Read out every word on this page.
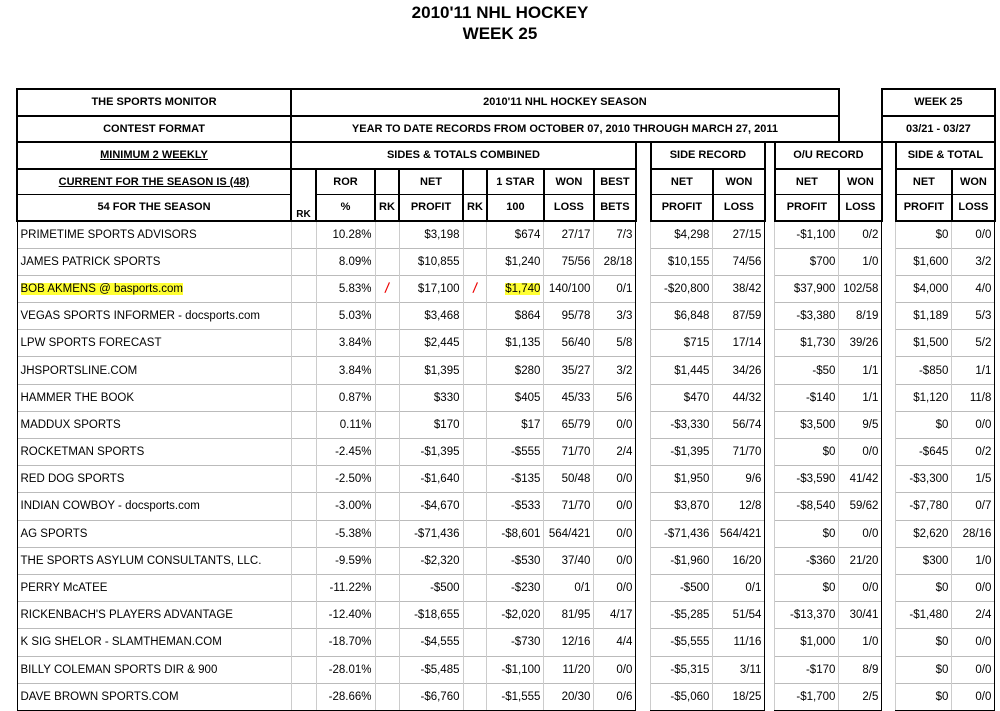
2010'11 NHL HOCKEY
WEEK 25
THE SPORTS MONITOR	2010'11 NHL HOCKEY SEASON														WEEK 25		
CONTEST FORMAT	YEAR TO DATE RECORDS FROM OCTOBER 07, 2010 THROUGH MARCH 27, 2011														03/21 - 03/27		
MINIMUM 2 WEEKLY	SIDES & TOTALS COMBINED									SIDE RECORD			O/U RECORD			SIDE & TOTAL	
CURRENT FOR THE SEASON IS (48)	RK	ROR		NET		1 STAR	WON	BEST		NET	WON		NET	WON		NET	WON
54 FOR THE SEASON		%	RK	PROFIT	RK	100	LOSS	BETS		PROFIT	LOSS		PROFIT	LOSS		PROFIT	LOSS
PRIMETIME SPORTS ADVISORS		10.28%		$3,198		$674	27/17	7/3		$4,298	27/15		-$1,100	0/2		$0	0/0
JAMES PATRICK SPORTS		8.09%		$10,855		$1,240	75/56	28/18		$10,155	74/56		$700	1/0		$1,600	3/2
BOB AKMENS @ basports.com		5.83%	/	$17,100	/	$1,740	140/100	0/1		-$20,800	38/42		$37,900	102/58		$4,000	4/0
VEGAS SPORTS INFORMER - docsports.com		5.03%		$3,468		$864	95/78	3/3		$6,848	87/59		-$3,380	8/19		$1,189	5/3
LPW SPORTS FORECAST		3.84%		$2,445		$1,135	56/40	5/8		$715	17/14		$1,730	39/26		$1,500	5/2
JHSPORTSLINE.COM		3.84%		$1,395		$280	35/27	3/2		$1,445	34/26		-$50	1/1		-$850	1/1
HAMMER THE BOOK		0.87%		$330		$405	45/33	5/6		$470	44/32		-$140	1/1		$1,120	11/8
MADDUX SPORTS		0.11%		$170		$17	65/79	0/0		-$3,330	56/74		$3,500	9/5		$0	0/0
ROCKETMAN SPORTS		-2.45%		-$1,395		-$555	71/70	2/4		-$1,395	71/70		$0	0/0		-$645	0/2
RED DOG SPORTS		-2.50%		-$1,640		-$135	50/48	0/0		$1,950	9/6		-$3,590	41/42		-$3,300	1/5
INDIAN COWBOY - docsports.com		-3.00%		-$4,670		-$533	71/70	0/0		$3,870	12/8		-$8,540	59/62		-$7,780	0/7
AG SPORTS		-5.38%		-$71,436		-$8,601	564/421	0/0		-$71,436	564/421		$0	0/0		$2,620	28/16
THE SPORTS ASYLUM CONSULTANTS, LLC.		-9.59%		-$2,320		-$530	37/40	0/0		-$1,960	16/20		-$360	21/20		$300	1/0
PERRY McATEE		-11.22%		-$500		-$230	0/1	0/0		-$500	0/1		$0	0/0		$0	0/0
RICKENBACH'S PLAYERS ADVANTAGE		-12.40%		-$18,655		-$2,020	81/95	4/17		-$5,285	51/54		-$13,370	30/41		-$1,480	2/4
K SIG SHELOR - SLAMTHEMAN.COM		-18.70%		-$4,555		-$730	12/16	4/4		-$5,555	11/16		$1,000	1/0		$0	0/0
BILLY COLEMAN SPORTS DIR & 900		-28.01%		-$5,485		-$1,100	11/20	0/0		-$5,315	3/11		-$170	8/9		$0	0/0
DAVE BROWN SPORTS.COM		-28.66%		-$6,760		-$1,555	20/30	0/6		-$5,060	18/25		-$1,700	2/5		$0	0/0
